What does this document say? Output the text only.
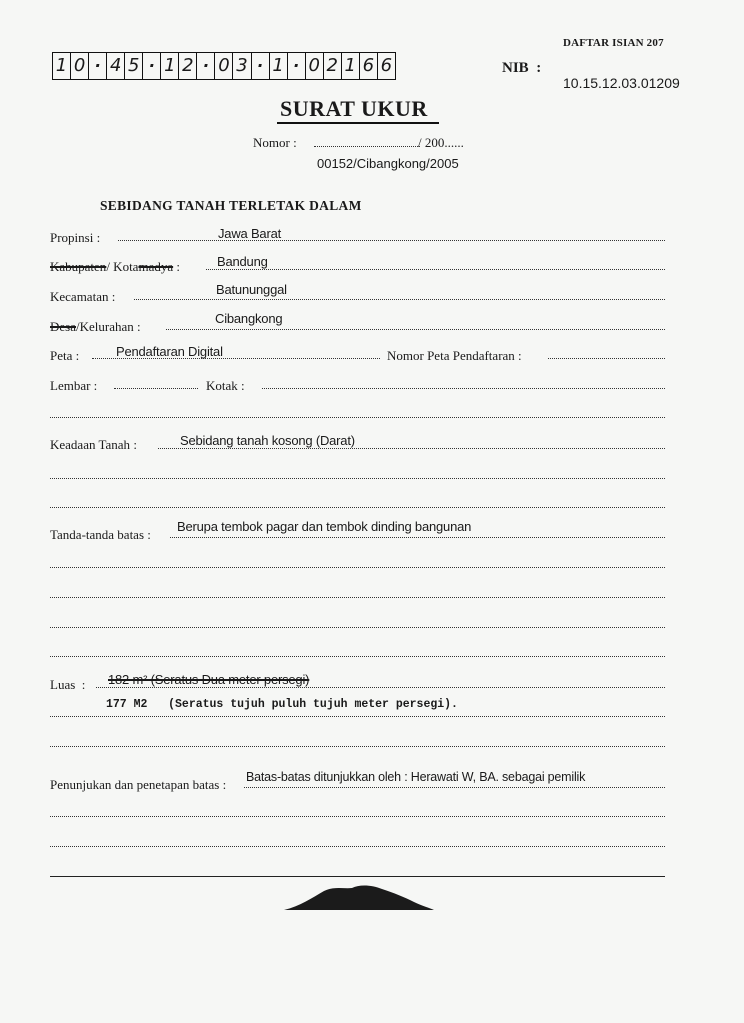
DAFTAR ISIAN 207
1 0 · 4 5 · 1 2 · 0 3 · 1 · 0 2 1 6 6	NIB :
10.15.12.03.01209
SURAT UKUR
Nomor :	/ 200......
00152/Cibangkong/2005
SEBIDANG TANAH TERLETAK DALAM
Propinsi :	Jawa Barat
Kabupaten/ Kotamadya :	Bandung
Kecamatan :	Batununggal
Desa/Kelurahan :
Cibangkong
Peta :	Pendaftaran Digital	Nomor Peta Pendaftaran :
Lembar :	Kotak :
Keadaan Tanah :	Sebidang tanah kosong (Darat)
Tanda-tanda batas :
Berupa tembok pagar dan tembok dinding bangunan
Luas : 182 m² (Seratus Dua meter persegi)
177 M2   (Seratus tujuh puluh tujuh meter persegi).
Penunjukan dan penetapan batas : Batas-batas ditunjukkan oleh : Herawati W, BA. sebagai pemilik
